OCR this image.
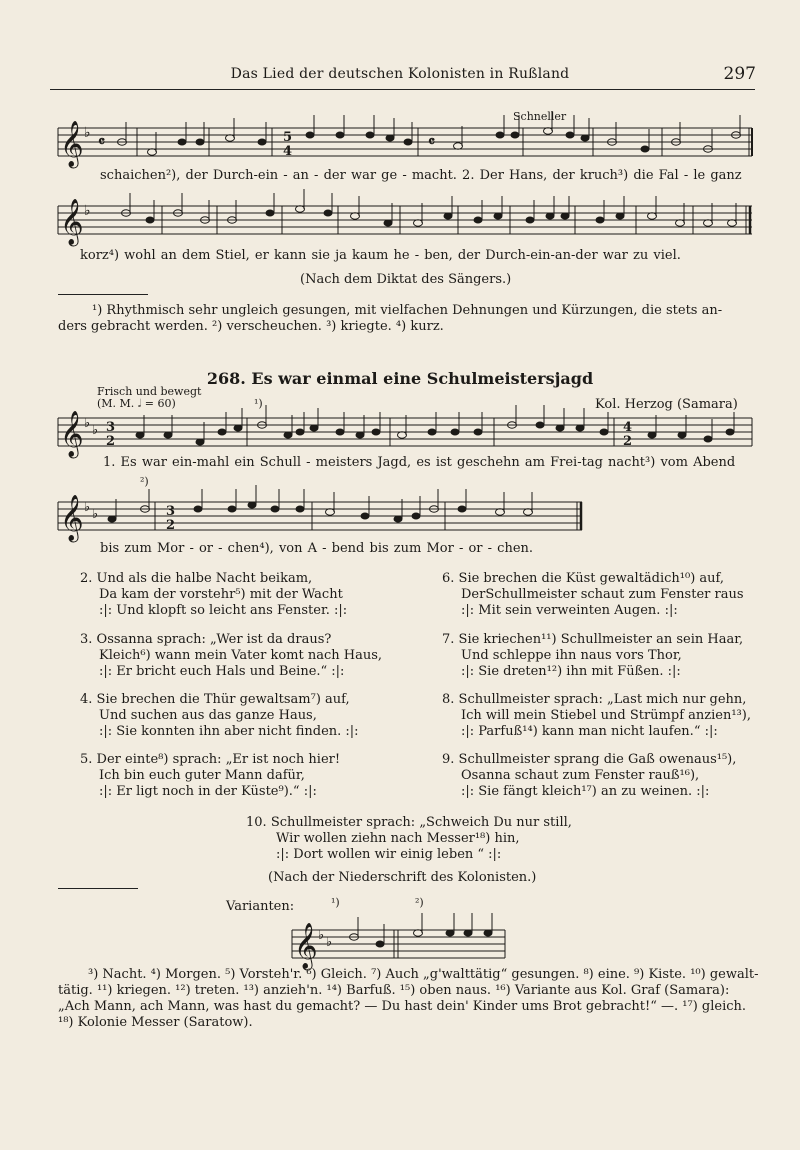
Das Lied der deutschen Kolonisten in Rußland	297
𝄞 ♭ 𝄴	5
4
𝄴
𝄞 ♭
𝄞 ♭ ♭ 3
2
4
2
𝄞 ♭ ♭	3
2
𝄞 ♭ ♭
Schneller
schaichen²), der Durch-ein - an - der war ge - macht. 2. Der Hans, der kruch³) die Fal - le ganz
korz⁴) wohl an dem Stiel, er kann sie ja kaum he - ben, der Durch-ein-an-der war zu viel.
(Nach dem Diktat des Sängers.)
¹) Rhythmisch sehr ungleich gesungen, mit vielfachen Dehnungen und Kürzungen, die stets an-
ders gebracht werden. ²) verscheuchen. ³) kriegte. ⁴) kurz.
268. Es war einmal eine Schulmeistersjagd
Frisch und bewegt
(M. M. 𝅗𝅥 = 60)	¹)	Kol. Herzog (Samara)
1. Es war ein-mahl ein Schull - meisters Jagd, es ist geschehn am Frei-tag nacht³) vom Abend
²)
bis zum Mor - or - chen⁴), von A - bend bis zum Mor - or - chen.
2. Und als die halbe Nacht beikam,
Da kam der vorstehr⁵) mit der Wacht
:|: Und klopft so leicht ans Fenster. :|:
3. Ossanna sprach: „Wer ist da draus?
Kleich⁶) wann mein Vater komt nach Haus,
:|: Er bricht euch Hals und Beine.“ :|:
4. Sie brechen die Thür gewaltsam⁷) auf,
Und suchen aus das ganze Haus,
:|: Sie konnten ihn aber nicht finden. :|:
5. Der einte⁸) sprach: „Er ist noch hier!
Ich bin euch guter Mann dafür,
:|: Er ligt noch in der Küste⁹).“ :|:
6. Sie brechen die Küst gewaltädich¹⁰) auf,
DerSchullmeister schaut zum Fenster raus
:|: Mit sein verweinten Augen. :|:
7. Sie kriechen¹¹) Schullmeister an sein Haar,
Und schleppe ihn naus vors Thor,
:|: Sie dreten¹²) ihn mit Füßen. :|:
8. Schullmeister sprach: „Last mich nur gehn,
Ich will mein Stiebel und Strümpf anzien¹³),
:|: Parfuß¹⁴) kann man nicht laufen.“ :|:
9. Schullmeister sprang die Gaß owenaus¹⁵),
Osanna schaut zum Fenster rauß¹⁶),
:|: Sie fängt kleich¹⁷) an zu weinen. :|:
10. Schullmeister sprach: „Schweich Du nur still,
Wir wollen ziehn nach Messer¹⁸) hin,
:|: Dort wollen wir einig leben “ :|:
(Nach der Niederschrift des Kolonisten.)
Varianten:	¹)	²)
³) Nacht. ⁴) Morgen. ⁵) Vorsteh'r. ⁶) Gleich. ⁷) Auch „g'walttätig“ gesungen. ⁸) eine. ⁹) Kiste. ¹⁰) gewalt-
tätig. ¹¹) kriegen. ¹²) treten. ¹³) anzieh'n. ¹⁴) Barfuß. ¹⁵) oben naus. ¹⁶) Variante aus Kol. Graf (Samara):
„Ach Mann, ach Mann, was hast du gemacht? — Du hast dein' Kinder ums Brot gebracht!“ —. ¹⁷) gleich.
¹⁸) Kolonie Messer (Saratow).
